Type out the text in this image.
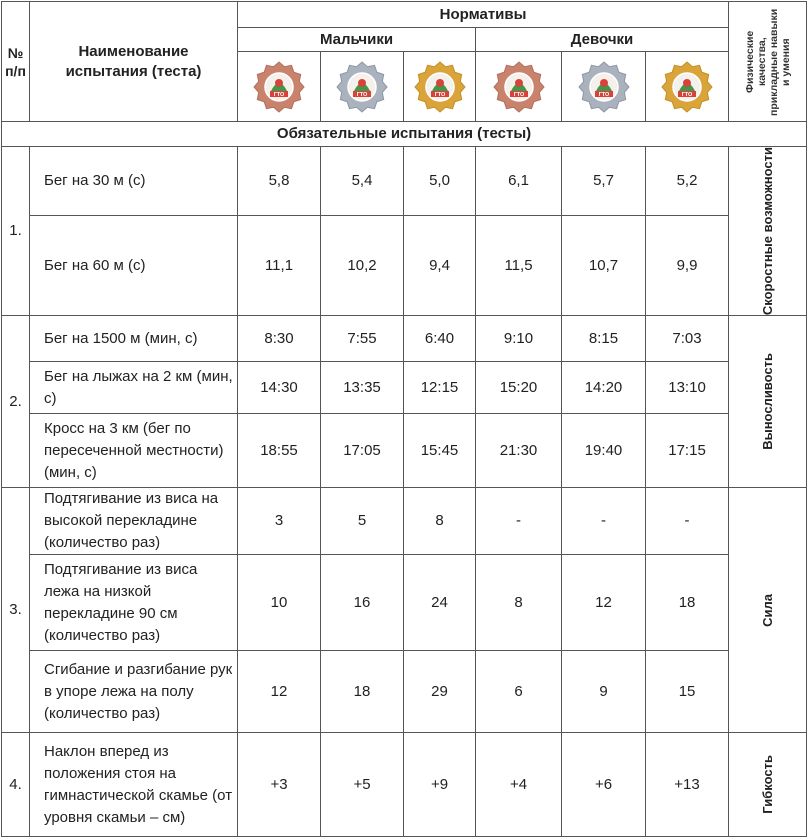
№ п/п	Наименование испытания (теста)	Нормативы						Физические качества, прикладные навыки и умения

		Мальчики			Девочки			

ГТО	ГТО	ГТО	ГТО	ГТО	ГТО	

Обязательные испытания (тесты)								
1.	Бег на 30 м (с)	5,8	5,4	5,0	6,1	5,7	5,2	Скоростные возможности

	Бег на 60 м (с)	11,1	10,2	9,4	11,5	10,7	9,9	
2.	Бег на 1500 м (мин, с)	8:30	7:55	6:40	9:10	8:15	7:03	Выносливость

	Бег на лыжах на 2 км (мин, с)	14:30	13:35	12:15	15:20	14:20	13:10	
	Кросс на 3 км (бег по пересеченной местности) (мин, с)	18:55	17:05	15:45	21:30	19:40	17:15	
3.	Подтягивание из виса на высокой перекладине (количество раз)	3	5	8	-	-	-	Сила

	Подтягивание из виса лежа на низкой перекладине 90 см (количество раз)	10	16	24	8	12	18	
	Сгибание и разгибание рук в упоре лежа на полу (количество раз)	12	18	29	6	9	15	
4.	Наклон вперед из положения стоя на гимнастической скамье (от уровня скамьи – см)	+3	+5	+9	+4	+6	+13	Гибкость
